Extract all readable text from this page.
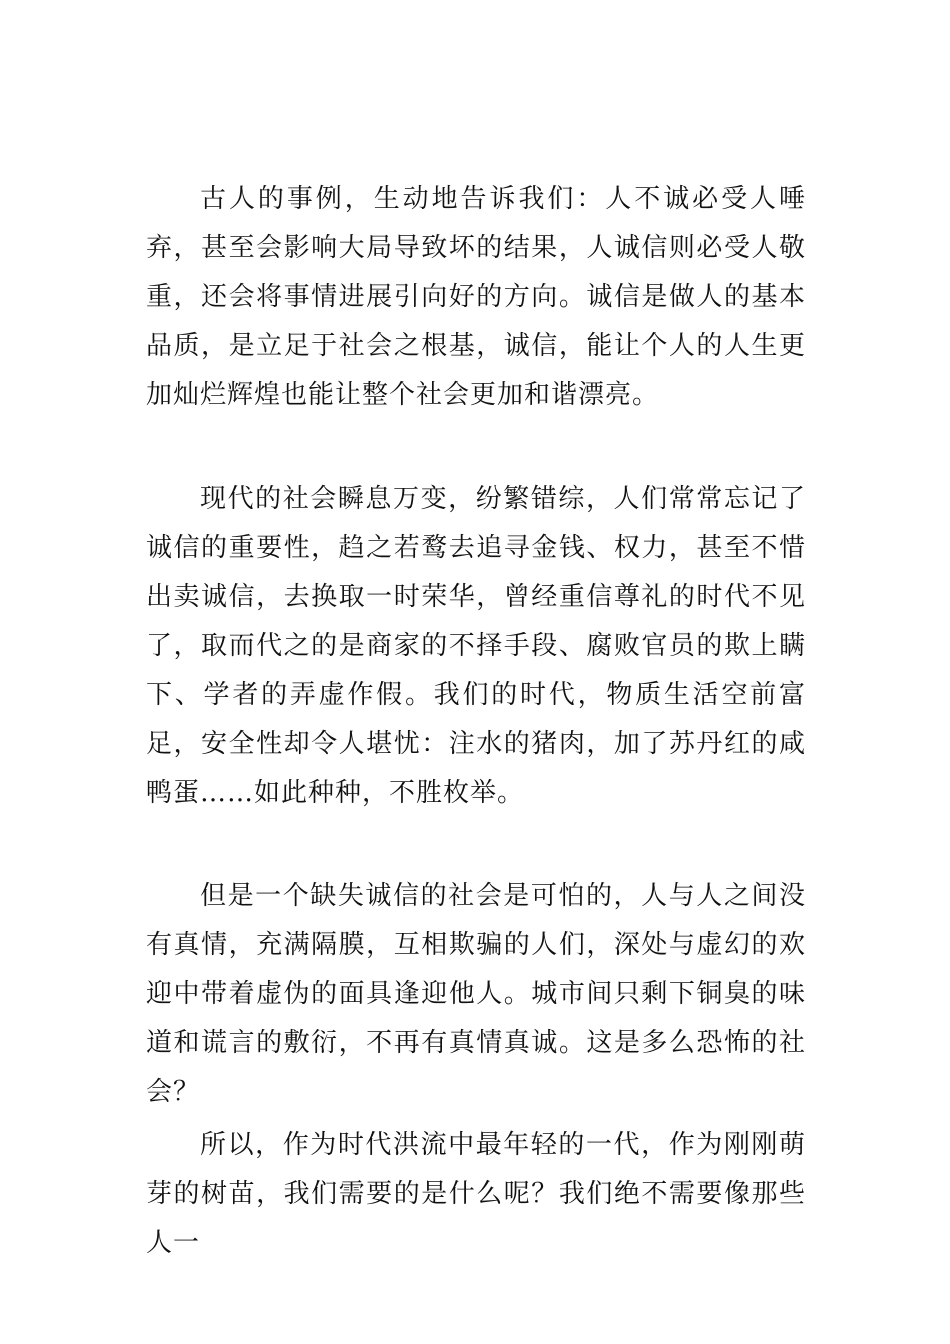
古人的事例，生动地告诉我们：人不诚必受人唾弃，甚至会影响大局导致坏的结果，人诚信则必受人敬重，还会将事情进展引向好的方向。诚信是做人的基本品质，是立足于社会之根基，诚信，能让个人的人生更加灿烂辉煌也能让整个社会更加和谐漂亮。

现代的社会瞬息万变，纷繁错综，人们常常忘记了诚信的重要性，趋之若鹜去追寻金钱、权力，甚至不惜出卖诚信，去换取一时荣华，曾经重信尊礼的时代不见了，取而代之的是商家的不择手段、腐败官员的欺上瞒下、学者的弄虚作假。我们的时代，物质生活空前富足，安全性却令人堪忧：注水的猪肉，加了苏丹红的咸鸭蛋……如此种种，不胜枚举。

但是一个缺失诚信的社会是可怕的，人与人之间没有真情，充满隔膜，互相欺骗的人们，深处与虚幻的欢迎中带着虚伪的面具逢迎他人。城市间只剩下铜臭的味道和谎言的敷衍，不再有真情真诚。这是多么恐怖的社会？

所以，作为时代洪流中最年轻的一代，作为刚刚萌芽的树苗，我们需要的是什么呢？我们绝不需要像那些人一
